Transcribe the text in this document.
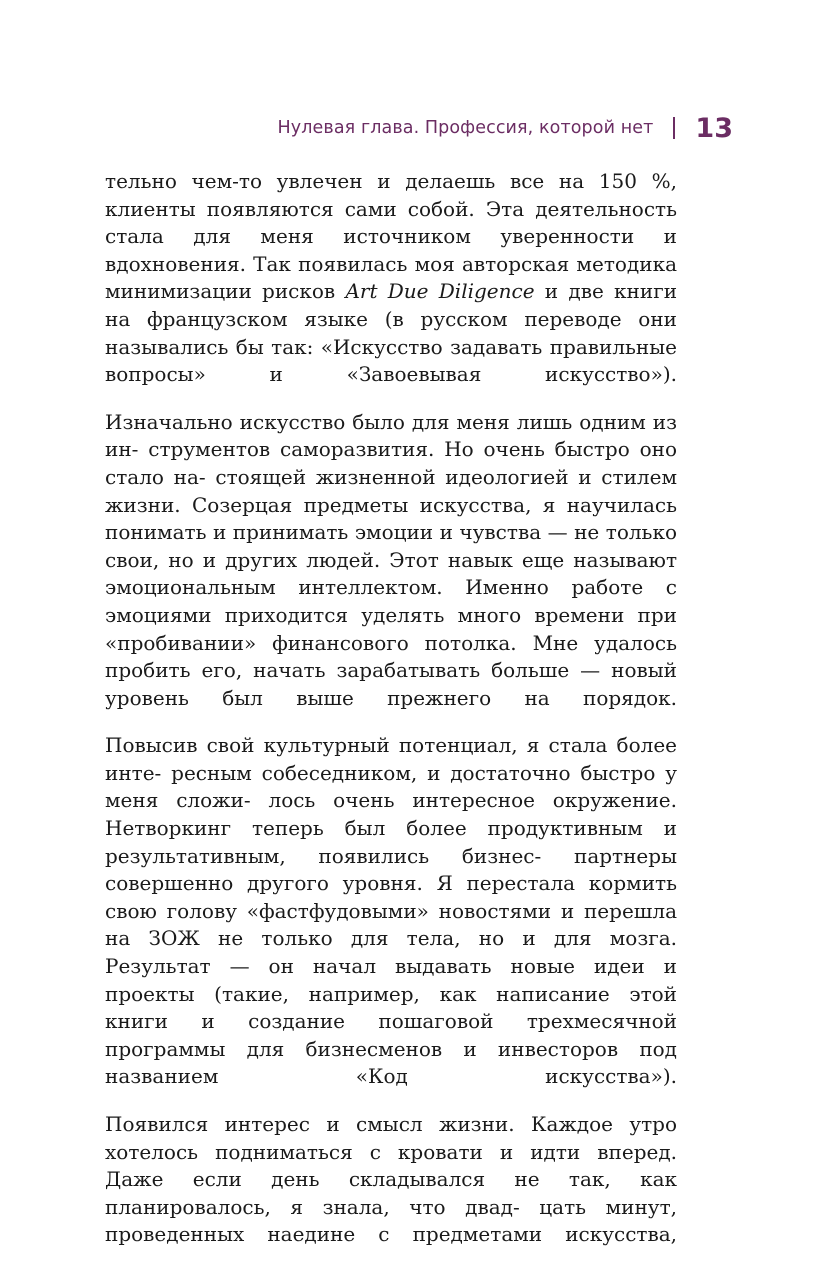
Нулевая глава. Профессия, которой нет 13
тельно чем-то увлечен и делаешь все на 150 %, клиенты появляются сами собой. Эта деятельность стала для меня источником уверенности и вдохновения. Так появилась моя авторская методика минимизации рисков Art Due Diligence и две книги на французском языке (в русском переводе они назывались бы так: «Искусство задавать правильные вопросы» и «Завоевывая искусство»).
Изначально искусство было для меня лишь одним из ин- струментов саморазвития. Но очень быстро оно стало на- стоящей жизненной идеологией и стилем жизни. Созерцая предметы искусства, я научилась понимать и принимать эмоции и чувства — не только свои, но и других людей. Этот навык еще называют эмоциональным интеллектом. Именно работе с эмоциями приходится уделять много времени при «пробивании» финансового потолка. Мне удалось пробить его, начать зарабатывать больше — новый уровень был выше прежнего на порядок.
Повысив свой культурный потенциал, я стала более инте- ресным собеседником, и достаточно быстро у меня сложи- лось очень интересное окружение. Нетворкинг теперь был более продуктивным и результативным, появились бизнес- партнеры совершенно другого уровня. Я перестала кормить свою голову «фастфудовыми» новостями и перешла на ЗОЖ не только для тела, но и для мозга. Результат — он начал выдавать новые идеи и проекты (такие, например, как написание этой книги и создание пошаговой трехмесячной программы для бизнесменов и инвесторов под названием	«Код искусства»).
Появился интерес и смысл жизни. Каждое утро хотелось подниматься с кровати и идти вперед. Даже если день складывался не так, как планировалось, я знала, что двад- цать минут, проведенных наедине с предметами искусства,
